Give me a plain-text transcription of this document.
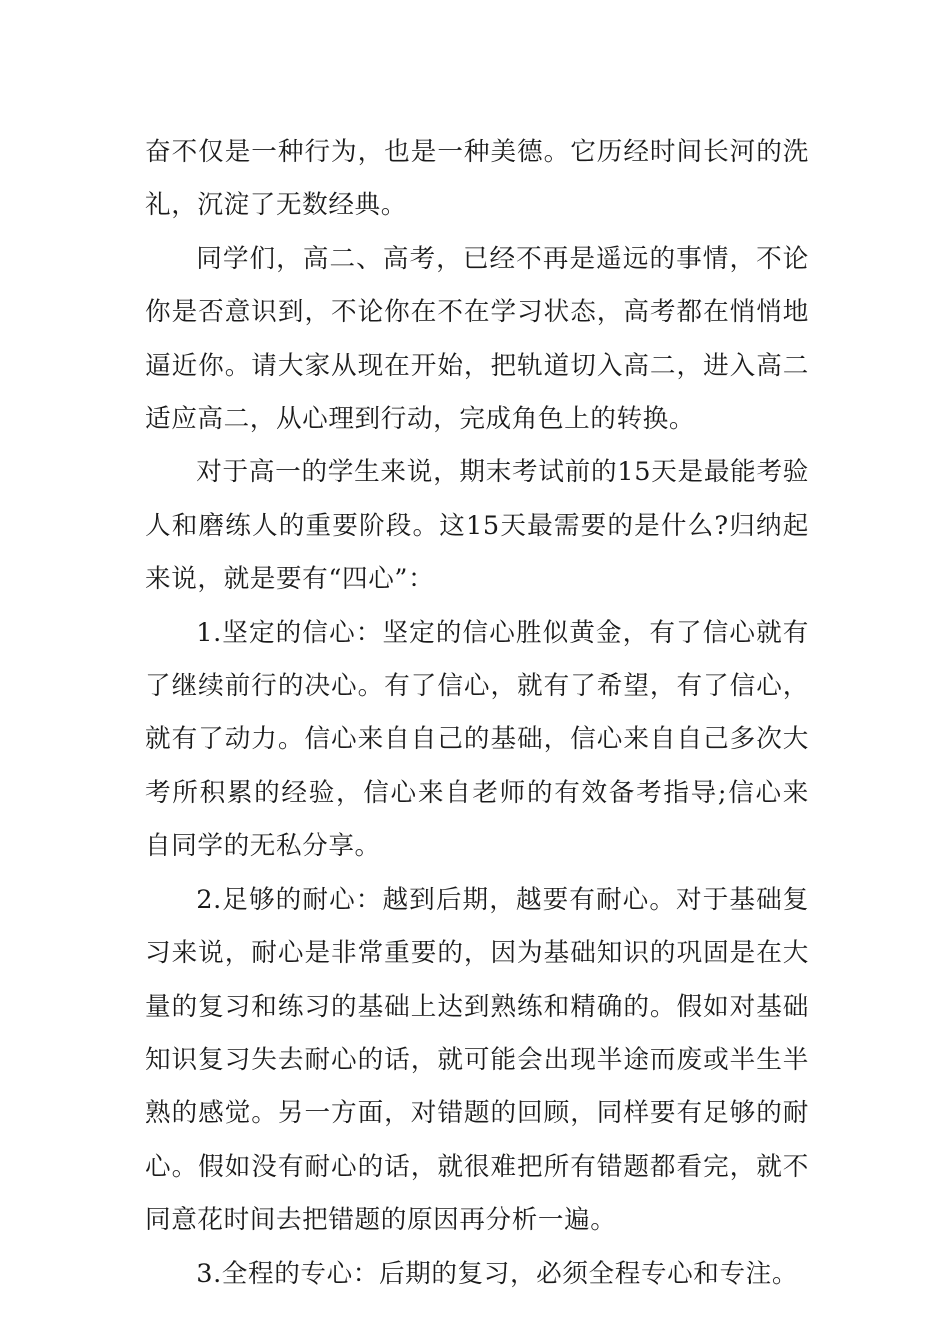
奋不仅是一种行为，也是一种美德。它历经时间长河的洗礼，沉淀了无数经典。

同学们，高二、高考，已经不再是遥远的事情，不论你是否意识到，不论你在不在学习状态，高考都在悄悄地逼近你。请大家从现在开始，把轨道切入高二，进入高二适应高二，从心理到行动，完成角色上的转换。

对于高一的学生来说，期末考试前的15天是最能考验人和磨练人的重要阶段。这15天最需要的是什么?归纳起来说，就是要有“四心”：

1.坚定的信心：坚定的信心胜似黄金，有了信心就有了继续前行的决心。有了信心，就有了希望，有了信心，就有了动力。信心来自自己的基础，信心来自自己多次大考所积累的经验，信心来自老师的有效备考指导;信心来自同学的无私分享。

2.足够的耐心：越到后期，越要有耐心。对于基础复习来说，耐心是非常重要的，因为基础知识的巩固是在大量的复习和练习的基础上达到熟练和精确的。假如对基础知识复习失去耐心的话，就可能会出现半途而废或半生半熟的感觉。另一方面，对错题的回顾，同样要有足够的耐心。假如没有耐心的话，就很难把所有错题都看完，就不同意花时间去把错题的原因再分析一遍。

3.全程的专心：后期的复习，必须全程专心和专注。
